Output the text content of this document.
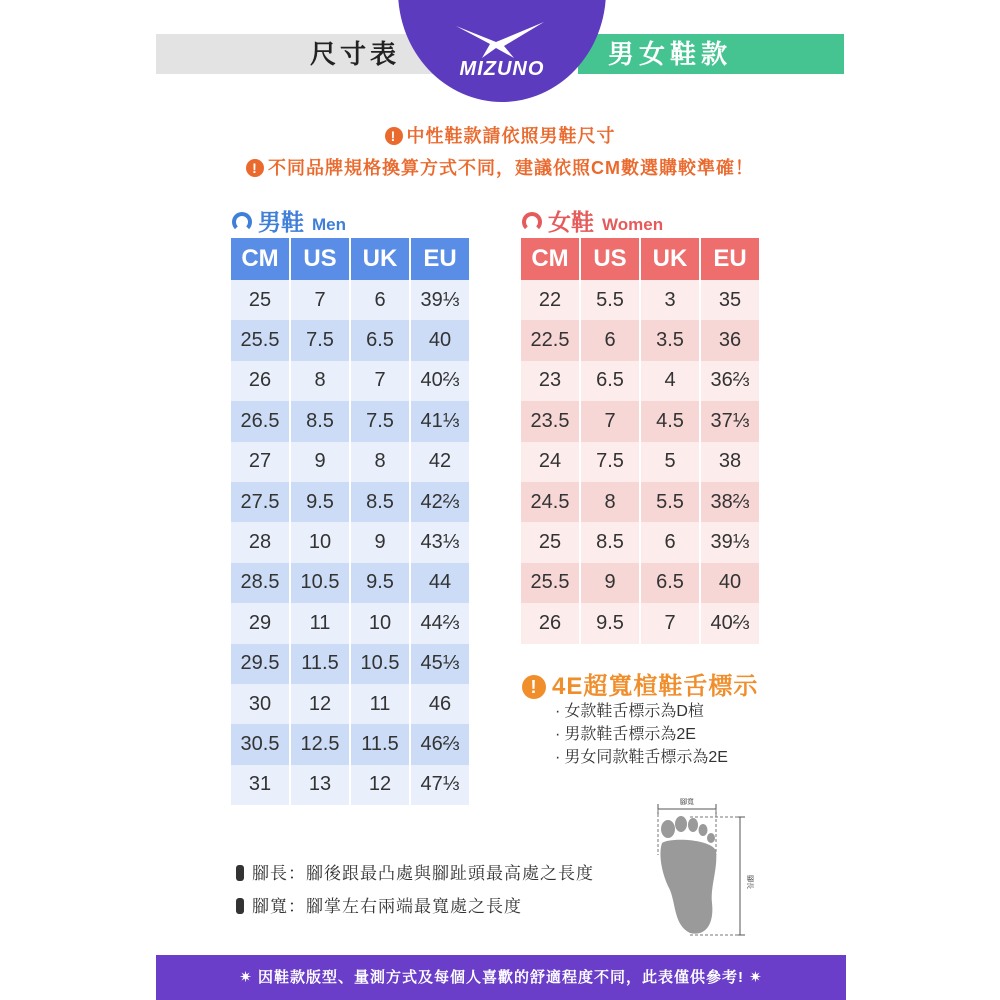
尺寸表	男女鞋款
MIZUNO
! 中性鞋款請依照男鞋尺寸
! 不同品牌規格換算方式不同，建議依照CM數選購較準確！
男鞋 Men
CM	US	UK	EU
25	7	6	39⅓
25.5	7.5	6.5	40
26	8	7	40⅔
26.5	8.5	7.5	41⅓
27	9	8	42
27.5	9.5	8.5	42⅔
28	10	9	43⅓
28.5	10.5	9.5	44
29	11	10	44⅔
29.5	11.5	10.5	45⅓
30	12	11	46
30.5	12.5	11.5	46⅔
31	13	12	47⅓
女鞋 Women
CM	US	UK	EU
22	5.5	3	35
22.5	6	3.5	36
23	6.5	4	36⅔
23.5	7	4.5	37⅓
24	7.5	5	38
24.5	8	5.5	38⅔
25	8.5	6	39⅓
25.5	9	6.5	40
26	9.5	7	40⅔
! 4E超寬楦鞋舌標示
· 女款鞋舌標示為D楦
· 男款鞋舌標示為2E
· 男女同款鞋舌標示為2E
腳長：腳後跟最凸處與腳趾頭最高處之長度
腳寬：腳掌左右兩端最寬處之長度
腳寬
腳長
✷ 因鞋款版型、量測方式及每個人喜歡的舒適程度不同，此表僅供參考! ✷
